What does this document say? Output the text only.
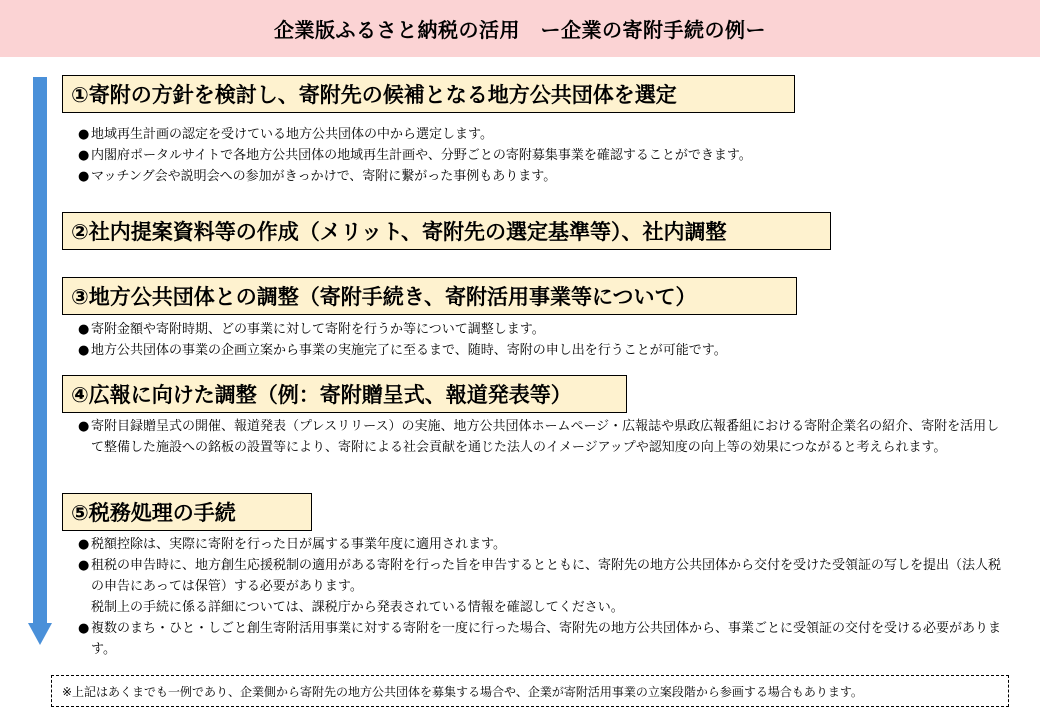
企業版ふるさと納税の活用　ー企業の寄附手続の例ー
①寄附の方針を検討し、寄附先の候補となる地方公共団体を選定
● 地域再生計画の認定を受けている地方公共団体の中から選定します。
● 内閣府ポータルサイトで各地方公共団体の地域再生計画や、分野ごとの寄附募集事業を確認することができます。
● マッチング会や説明会への参加がきっかけで、寄附に繋がった事例もあります。
②社内提案資料等の作成（メリット、寄附先の選定基準等）、社内調整
③地方公共団体との調整（寄附手続き、寄附活用事業等について）
● 寄附金額や寄附時期、どの事業に対して寄附を行うか等について調整します。
● 地方公共団体の事業の企画立案から事業の実施完了に至るまで、随時、寄附の申し出を行うことが可能です。
④広報に向けた調整（例：寄附贈呈式、報道発表等）
● 寄附目録贈呈式の開催、報道発表（プレスリリース）の実施、地方公共団体ホームページ・広報誌や県政広報番組における寄附企業名の紹介、寄附を活用して整備した施設への銘板の設置等により、寄附による社会貢献を通じた法人のイメージアップや認知度の向上等の効果につながると考えられます。
⑤税務処理の手続
● 税額控除は、実際に寄附を行った日が属する事業年度に適用されます。
● 租税の申告時に、地方創生応援税制の適用がある寄附を行った旨を申告するとともに、寄附先の地方公共団体から交付を受けた受領証の写しを提出（法人税の申告にあっては保管）する必要があります。
税制上の手続に係る詳細については、課税庁から発表されている情報を確認してください。
● 複数のまち・ひと・しごと創生寄附活用事業に対する寄附を一度に行った場合、寄附先の地方公共団体から、事業ごとに受領証の交付を受ける必要があります。
※上記はあくまでも一例であり、企業側から寄附先の地方公共団体を募集する場合や、企業が寄附活用事業の立案段階から参画する場合もあります。
